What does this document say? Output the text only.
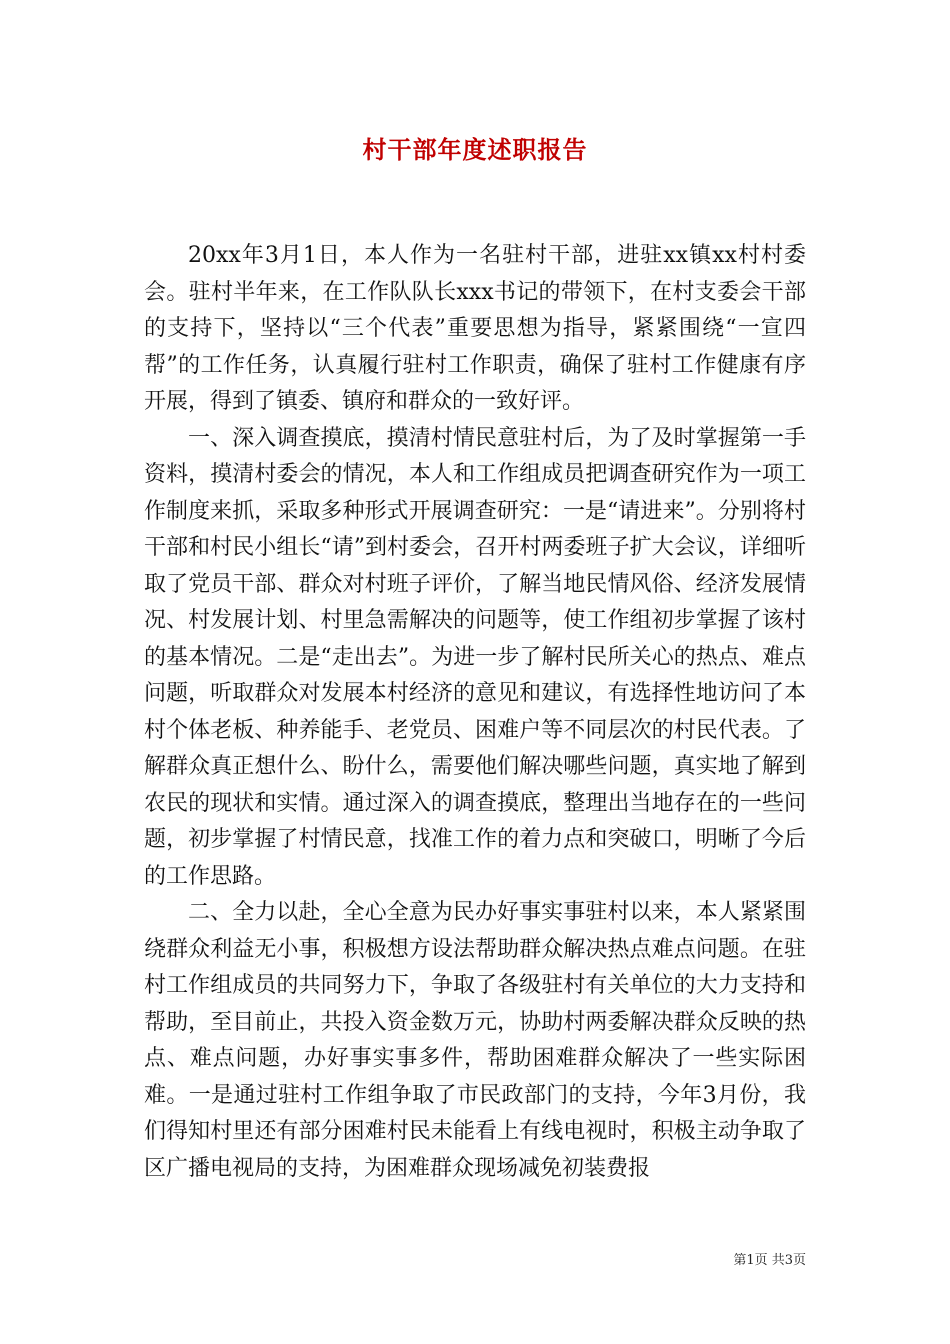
村干部年度述职报告

20xx年3月1日，本人作为一名驻村干部，进驻xx镇xx村村委会。驻村半年来，在工作队队长xxx书记的带领下，在村支委会干部的支持下，坚持以“三个代表”重要思想为指导，紧紧围绕“一宣四帮”的工作任务，认真履行驻村工作职责，确保了驻村工作健康有序开展，得到了镇委、镇府和群众的一致好评。

一、深入调查摸底，摸清村情民意驻村后，为了及时掌握第一手资料，摸清村委会的情况，本人和工作组成员把调查研究作为一项工作制度来抓，采取多种形式开展调查研究：一是“请进来”。分别将村干部和村民小组长“请”到村委会，召开村两委班子扩大会议，详细听取了党员干部、群众对村班子评价，了解当地民情风俗、经济发展情况、村发展计划、村里急需解决的问题等，使工作组初步掌握了该村的基本情况。二是“走出去”。为进一步了解村民所关心的热点、难点问题，听取群众对发展本村经济的意见和建议，有选择性地访问了本村个体老板、种养能手、老党员、困难户等不同层次的村民代表。了解群众真正想什么、盼什么，需要他们解决哪些问题，真实地了解到农民的现状和实情。通过深入的调查摸底，整理出当地存在的一些问题，初步掌握了村情民意，找准工作的着力点和突破口，明晰了今后的工作思路。

二、全力以赴，全心全意为民办好事实事驻村以来，本人紧紧围绕群众利益无小事，积极想方设法帮助群众解决热点难点问题。在驻村工作组成员的共同努力下，争取了各级驻村有关单位的大力支持和帮助，至目前止，共投入资金数万元，协助村两委解决群众反映的热点、难点问题，办好事实事多件，帮助困难群众解决了一些实际困难。一是通过驻村工作组争取了市民政部门的支持，今年3月份，我们得知村里还有部分困难村民未能看上有线电视时，积极主动争取了区广播电视局的支持，为困难群众现场减免初装费报

第1页 共3页
